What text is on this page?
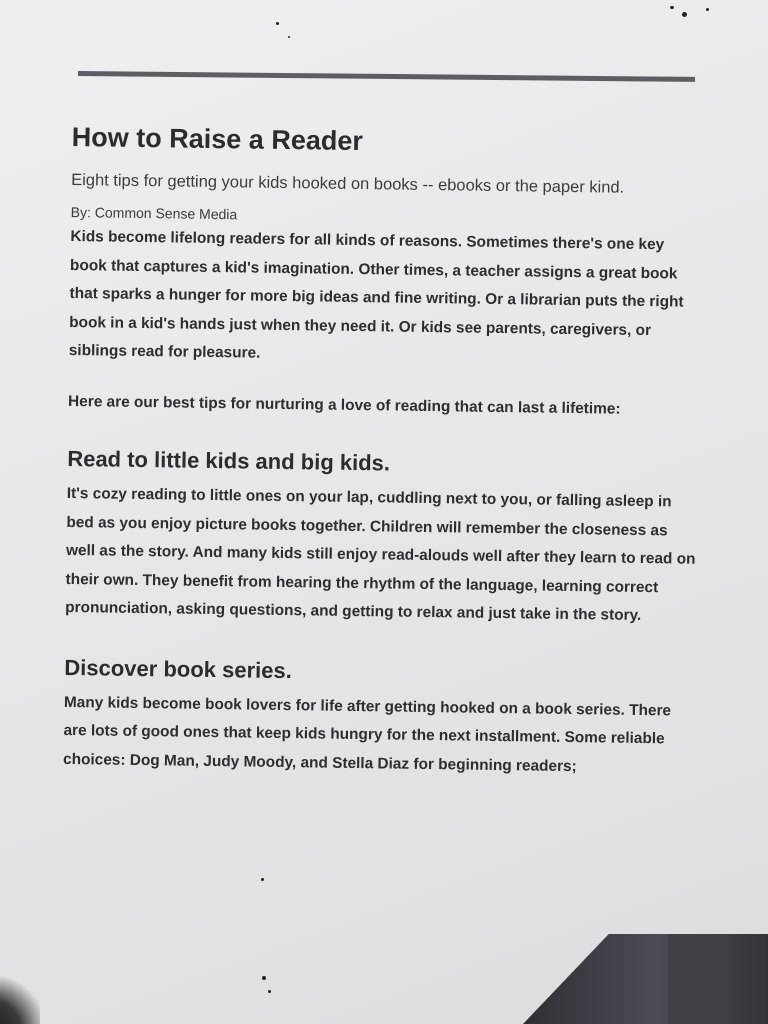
How to Raise a Reader

Eight tips for getting your kids hooked on books -- ebooks or the paper kind.

By: Common Sense Media

Kids become lifelong readers for all kinds of reasons. Sometimes there's one key book that captures a kid's imagination. Other times, a teacher assigns a great book that sparks a hunger for more big ideas and fine writing. Or a librarian puts the right book in a kid's hands just when they need it. Or kids see parents, caregivers, or siblings read for pleasure.

Here are our best tips for nurturing a love of reading that can last a lifetime:

Read to little kids and big kids.

It's cozy reading to little ones on your lap, cuddling next to you, or falling asleep in bed as you enjoy picture books together. Children will remember the closeness as well as the story. And many kids still enjoy read-alouds well after they learn to read on their own. They benefit from hearing the rhythm of the language, learning correct pronunciation, asking questions, and getting to relax and just take in the story.

Discover book series.

Many kids become book lovers for life after getting hooked on a book series. There are lots of good ones that keep kids hungry for the next installment. Some reliable choices: Dog Man, Judy Moody, and Stella Diaz for beginning readers;
